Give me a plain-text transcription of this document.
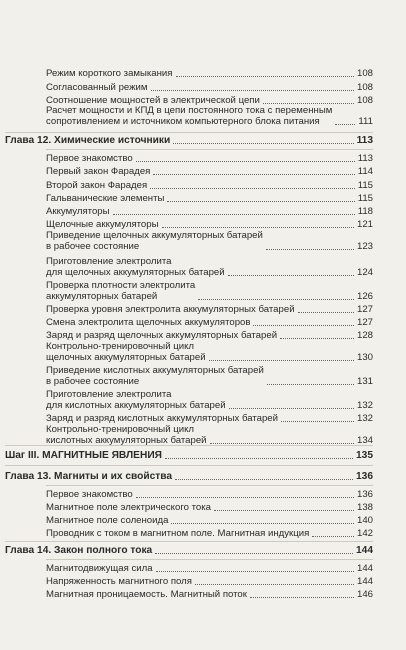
Режим короткого замыкания	108
Согласованный режим	108
Соотношение мощностей в электрической цепи	108
Расчет мощности и КПД в цепи постоянного тока с переменным
сопротивлением и источником компьютерного блока питания	111
Глава 12. Химические источники	113
Первое знакомство	113
Первый закон Фарадея	114
Второй закон Фарадея	115
Гальванические элементы	115
Аккумуляторы	118
Щелочные аккумуляторы	121
Приведение щелочных аккумуляторных батарей
в рабочее состояние	123
Приготовление электролита
для щелочных аккумуляторных батарей	124
Проверка плотности электролита
аккумуляторных батарей	126
Проверка уровня электролита аккумуляторных батарей	127
Смена электролита щелочных аккумуляторов	127
Заряд и разряд щелочных аккумуляторных батарей	128
Контрольно-тренировочный цикл
щелочных аккумуляторных батарей	130
Приведение кислотных аккумуляторных батарей
в рабочее состояние	131
Приготовление электролита
для кислотных аккумуляторных батарей	132
Заряд и разряд кислотных аккумуляторных батарей	132
Контрольно-тренировочный цикл
кислотных аккумуляторных батарей	134
Шаг III. МАГНИТНЫЕ ЯВЛЕНИЯ	135
Глава 13. Магниты и их свойства	136
Первое знакомство	136
Магнитное поле электрического тока	138
Магнитное поле соленоида	140
Проводник с током в магнитном поле. Магнитная индукция	142
Глава 14. Закон полного тока	144
Магнитодвижущая сила	144
Напряженность магнитного поля	144
Магнитная проницаемость. Магнитный поток	146
